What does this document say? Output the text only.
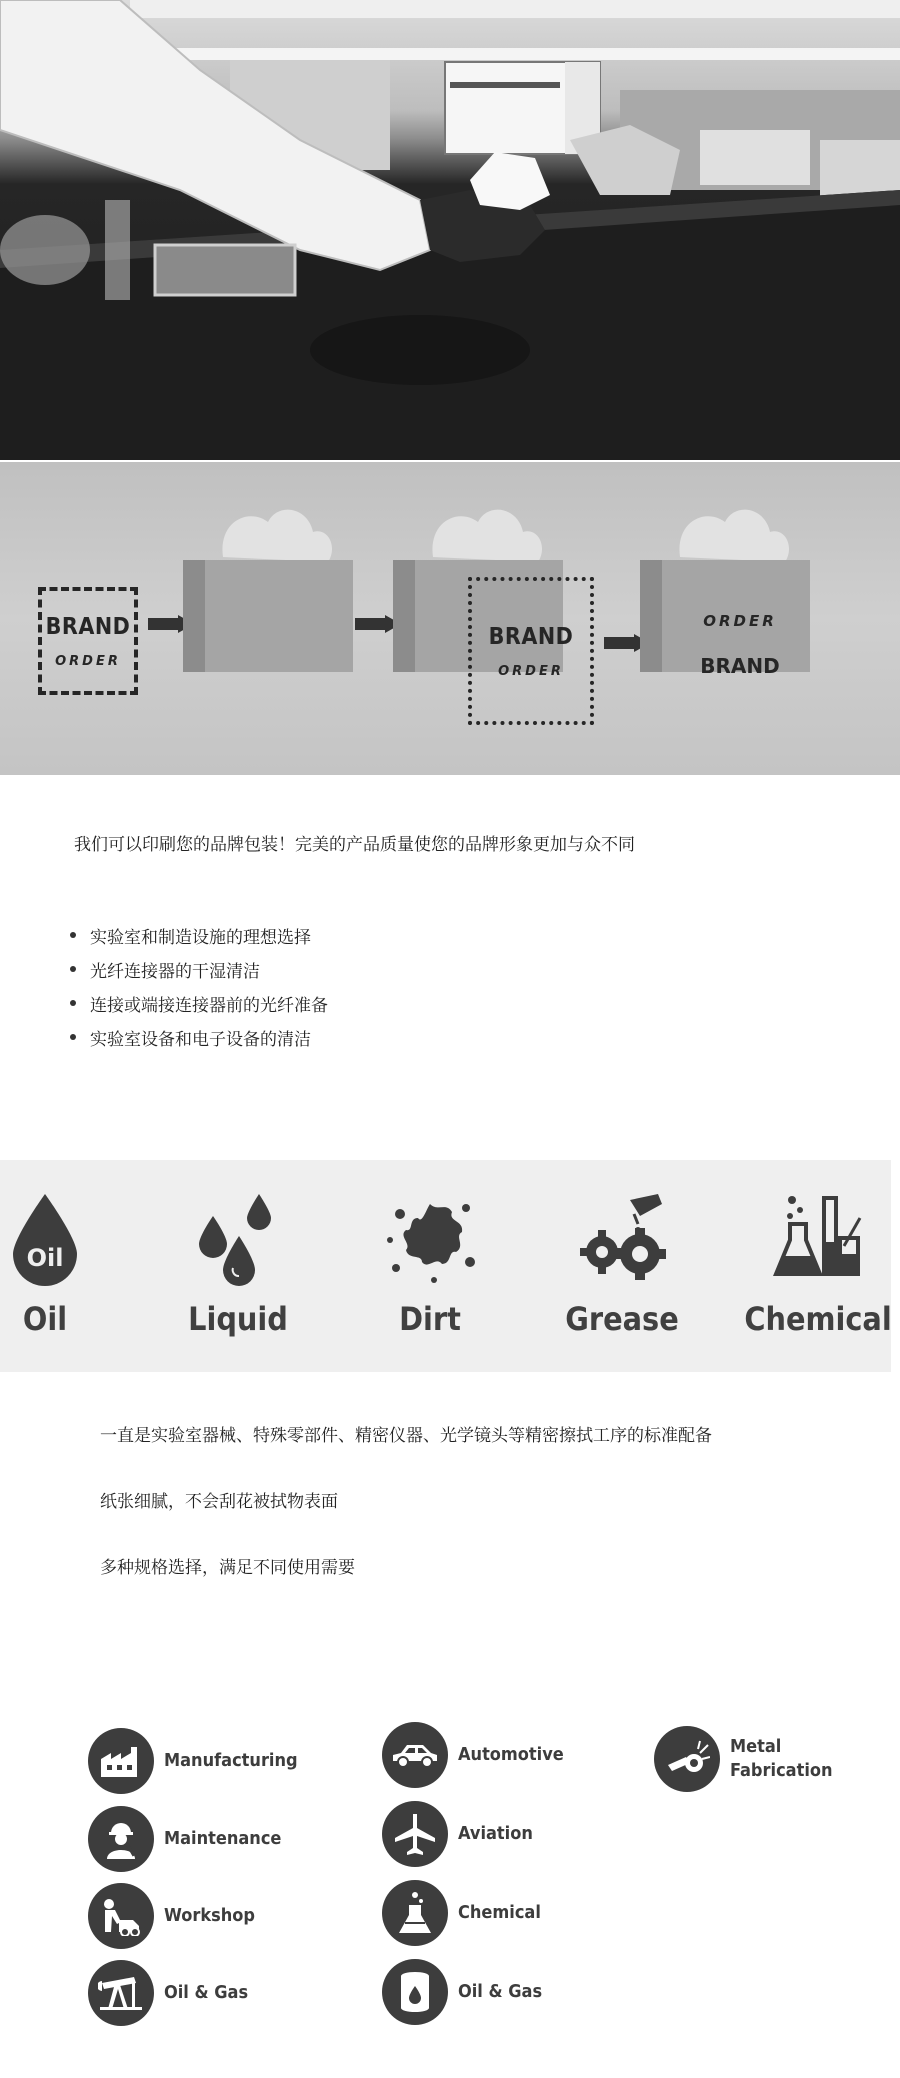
BRAND
ORDER
BRAND
ORDER
ORDER
BRAND
我们可以印刷您的品牌包装！完美的产品质量使您的品牌形象更加与众不同
实验室和制造设施的理想选择
光纤连接器的干湿清洁
连接或端接连接器前的光纤准备
实验室设备和电子设备的清洁
Oil
Oil	Liquid	Dirt	Grease	Chemical

一直是实验室器械、特殊零部件、精密仪器、光学镜头等精密擦拭工序的标准配备

纸张细腻，不会刮花被拭物表面

多种规格选择，满足不同使用需要

Manufacturing
Maintenance
Workshop
Oil & Gas
Automotive
Aviation
Chemical
Oil & Gas
Metal Fabrication
